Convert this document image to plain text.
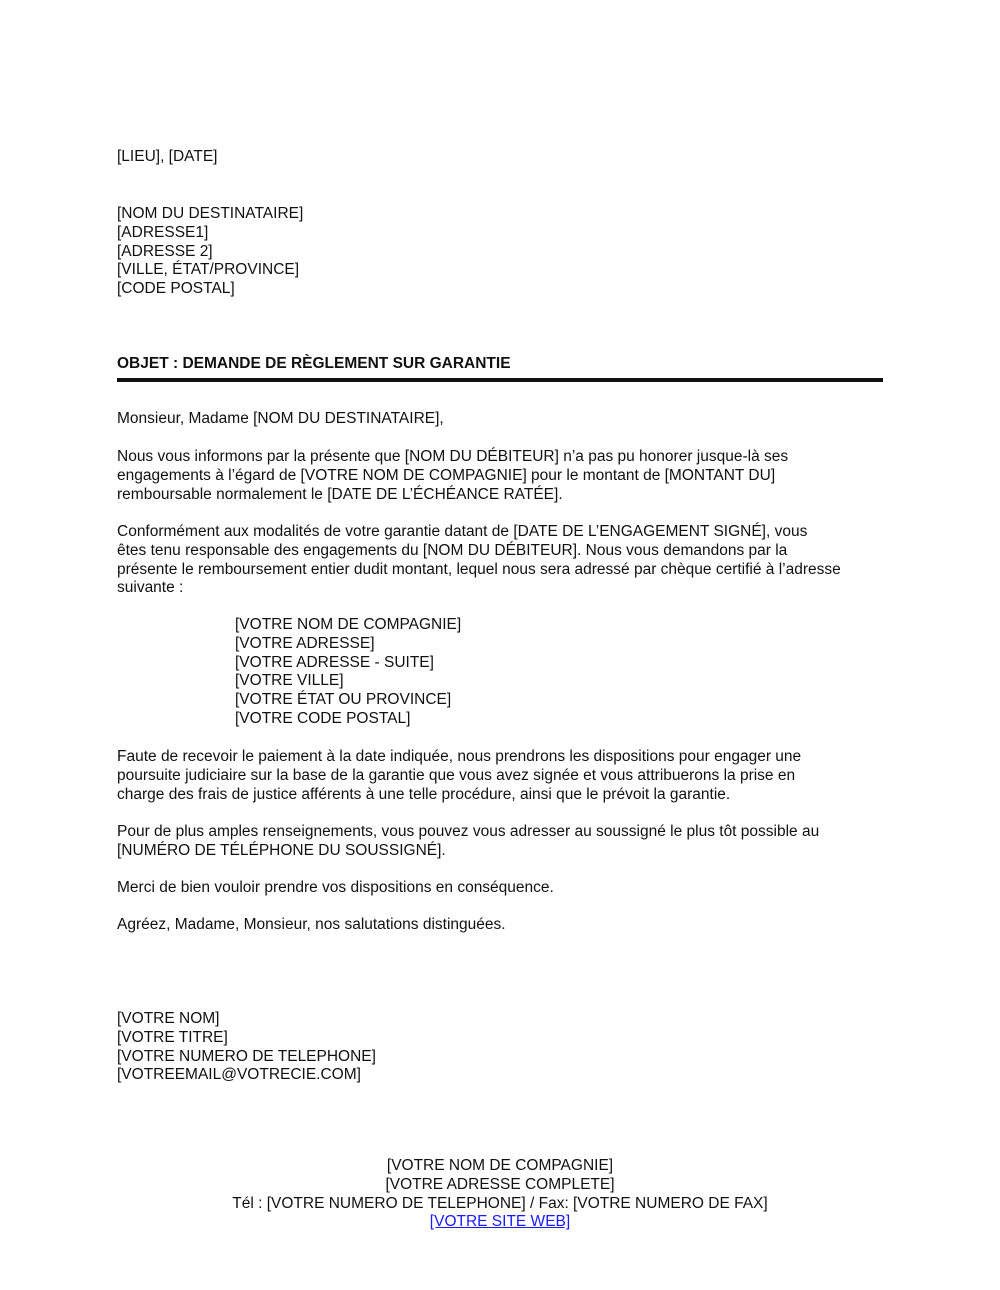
[LIEU], [DATE]
[NOM DU DESTINATAIRE]
[ADRESSE1]
[ADRESSE 2]
[VILLE, ÉTAT/PROVINCE]
[CODE POSTAL]
OBJET : DEMANDE DE RÈGLEMENT SUR GARANTIE
Monsieur, Madame [NOM DU DESTINATAIRE],
Nous vous informons par la présente que [NOM DU DÉBITEUR] n’a pas pu honorer jusque-là ses
engagements à l’égard de [VOTRE NOM DE COMPAGNIE] pour le montant de [MONTANT DU]
remboursable normalement le [DATE DE L’ÉCHÉANCE RATÉE].
Conformément aux modalités de votre garantie datant de [DATE DE L’ENGAGEMENT SIGNÉ], vous
êtes tenu responsable des engagements du [NOM DU DÉBITEUR]. Nous vous demandons par la
présente le remboursement entier dudit montant, lequel nous sera adressé par chèque certifié à l’adresse
suivante :
[VOTRE NOM DE COMPAGNIE]
[VOTRE ADRESSE]
[VOTRE ADRESSE - SUITE]
[VOTRE VILLE]
[VOTRE ÉTAT OU PROVINCE]
[VOTRE CODE POSTAL]
Faute de recevoir le paiement à la date indiquée, nous prendrons les dispositions pour engager une
poursuite judiciaire sur la base de la garantie que vous avez signée et vous attribuerons la prise en
charge des frais de justice afférents à une telle procédure, ainsi que le prévoit la garantie.
Pour de plus amples renseignements, vous pouvez vous adresser au soussigné le plus tôt possible au
[NUMÉRO DE TÉLÉPHONE DU SOUSSIGNÉ].
Merci de bien vouloir prendre vos dispositions en conséquence.
Agréez, Madame, Monsieur, nos salutations distinguées.
[VOTRE NOM]
[VOTRE TITRE]
[VOTRE NUMERO DE TELEPHONE]
[VOTREEMAIL@VOTRECIE.COM]
[VOTRE NOM DE COMPAGNIE]
[VOTRE ADRESSE COMPLETE]
Tél : [VOTRE NUMERO DE TELEPHONE] / Fax: [VOTRE NUMERO DE FAX]
[VOTRE SITE WEB]
